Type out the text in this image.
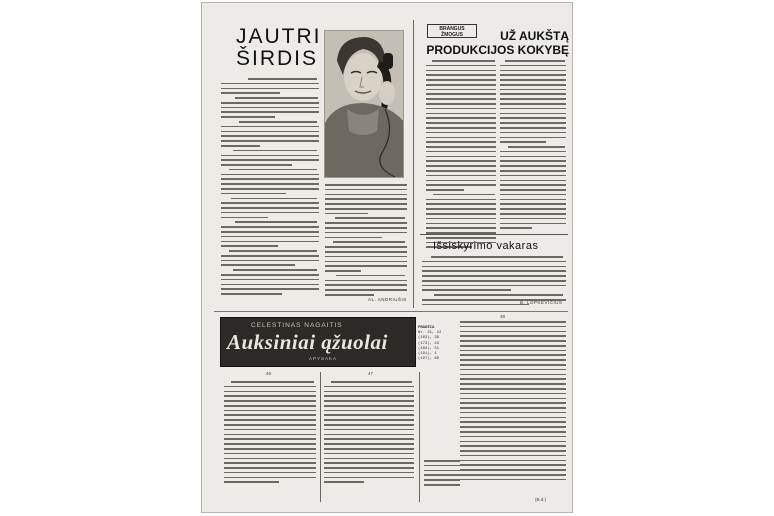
JAUTRI
ŠIRDIS
AL. ANDRIUŠIS
BRANGUS
ŽMOGUS	UŽ AUKŠTĄ
PRODUKCIJOS KOKYBĘ
Išsiskyrimo vakaras
B. LOPKEVIČIUS
CELESTINAS NAGAITIS
Auksiniai ąžuolai
APYSAKA
PRADŽIA
Nr. 21, 22
(163), 39
(173), 43
(183), 51
(191), 1
(197), 66
48
46	47
(B.d.)
